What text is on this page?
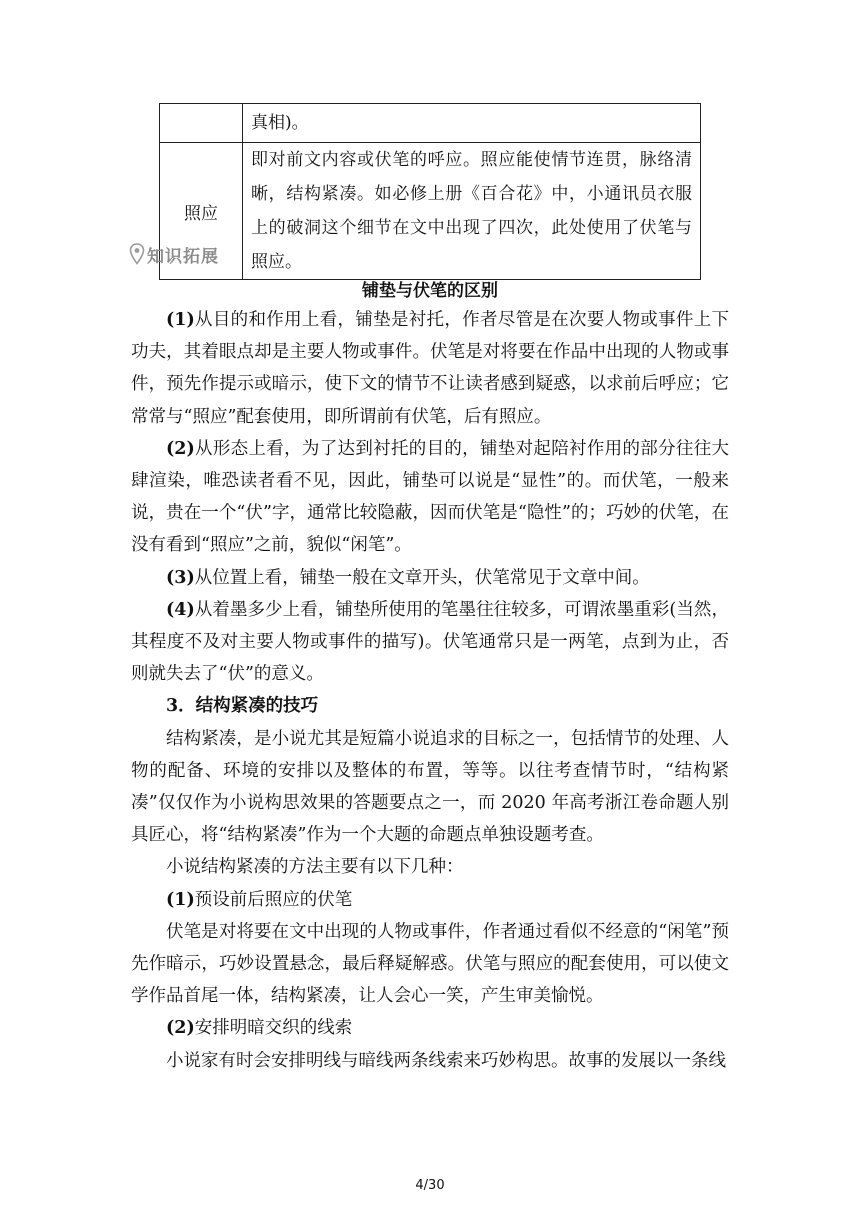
	真相)。
照应	即对前文内容或伏笔的呼应。照应能使情节连贯，脉络清晰，结构紧凑。如必修上册《百合花》中，小通讯员衣服上的破洞这个细节在文中出现了四次，此处使用了伏笔与照应。
知识拓展
铺垫与伏笔的区别

(1)从目的和作用上看，铺垫是衬托，作者尽管是在次要人物或事件上下功夫，其着眼点却是主要人物或事件。伏笔是对将要在作品中出现的人物或事件，预先作提示或暗示，使下文的情节不让读者感到疑惑，以求前后呼应；它常常与“照应”配套使用，即所谓前有伏笔，后有照应。

(2)从形态上看，为了达到衬托的目的，铺垫对起陪衬作用的部分往往大肆渲染，唯恐读者看不见，因此，铺垫可以说是“显性”的。而伏笔，一般来说，贵在一个“伏”字，通常比较隐蔽，因而伏笔是“隐性”的；巧妙的伏笔，在没有看到“照应”之前，貌似“闲笔”。

(3)从位置上看，铺垫一般在文章开头，伏笔常见于文章中间。

(4)从着墨多少上看，铺垫所使用的笔墨往往较多，可谓浓墨重彩(当然，其程度不及对主要人物或事件的描写)。伏笔通常只是一两笔，点到为止，否则就失去了“伏”的意义。

3．结构紧凑的技巧

结构紧凑，是小说尤其是短篇小说追求的目标之一，包括情节的处理、人物的配备、环境的安排以及整体的布置，等等。以往考查情节时，“结构紧凑”仅仅作为小说构思效果的答题要点之一，而 2020 年高考浙江卷命题人别具匠心，将“结构紧凑”作为一个大题的命题点单独设题考查。

小说结构紧凑的方法主要有以下几种：

(1)预设前后照应的伏笔

伏笔是对将要在文中出现的人物或事件，作者通过看似不经意的“闲笔”预先作暗示，巧妙设置悬念，最后释疑解惑。伏笔与照应的配套使用，可以使文学作品首尾一体，结构紧凑，让人会心一笑，产生审美愉悦。

(2)安排明暗交织的线索

小说家有时会安排明线与暗线两条线索来巧妙构思。故事的发展以一条线

4/30
